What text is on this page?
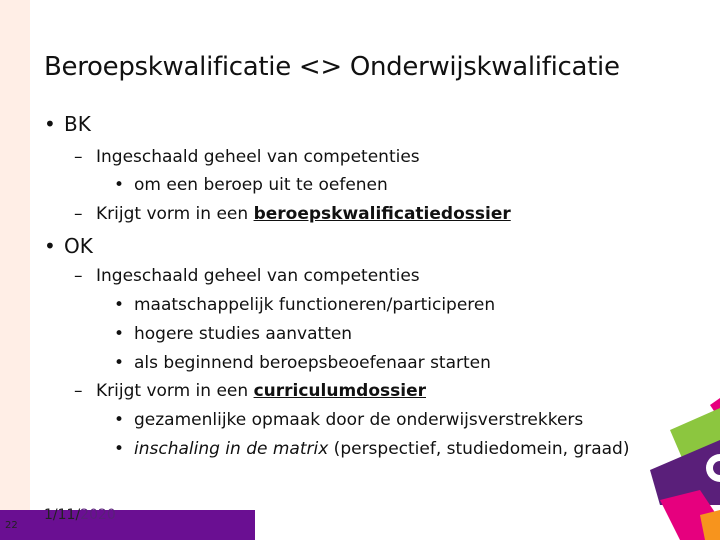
Beroepskwalificatie <> Onderwijskwalificatie
• BK
– Ingeschaald geheel van competenties
• om een beroep uit te oefenen
– Krijgt vorm in een beroepskwalificatiedossier
• OK
– Ingeschaald geheel van competenties
• maatschappelijk functioneren/participeren
• hogere studies aanvatten
• als beginnend beroepsbeoefenaar starten
– Krijgt vorm in een curriculumdossier
• gezamenlijke opmaak door de onderwijsverstrekkers
• inschaling in de matrix (perspectief, studiedomein, graad)
22
1/11/2020
